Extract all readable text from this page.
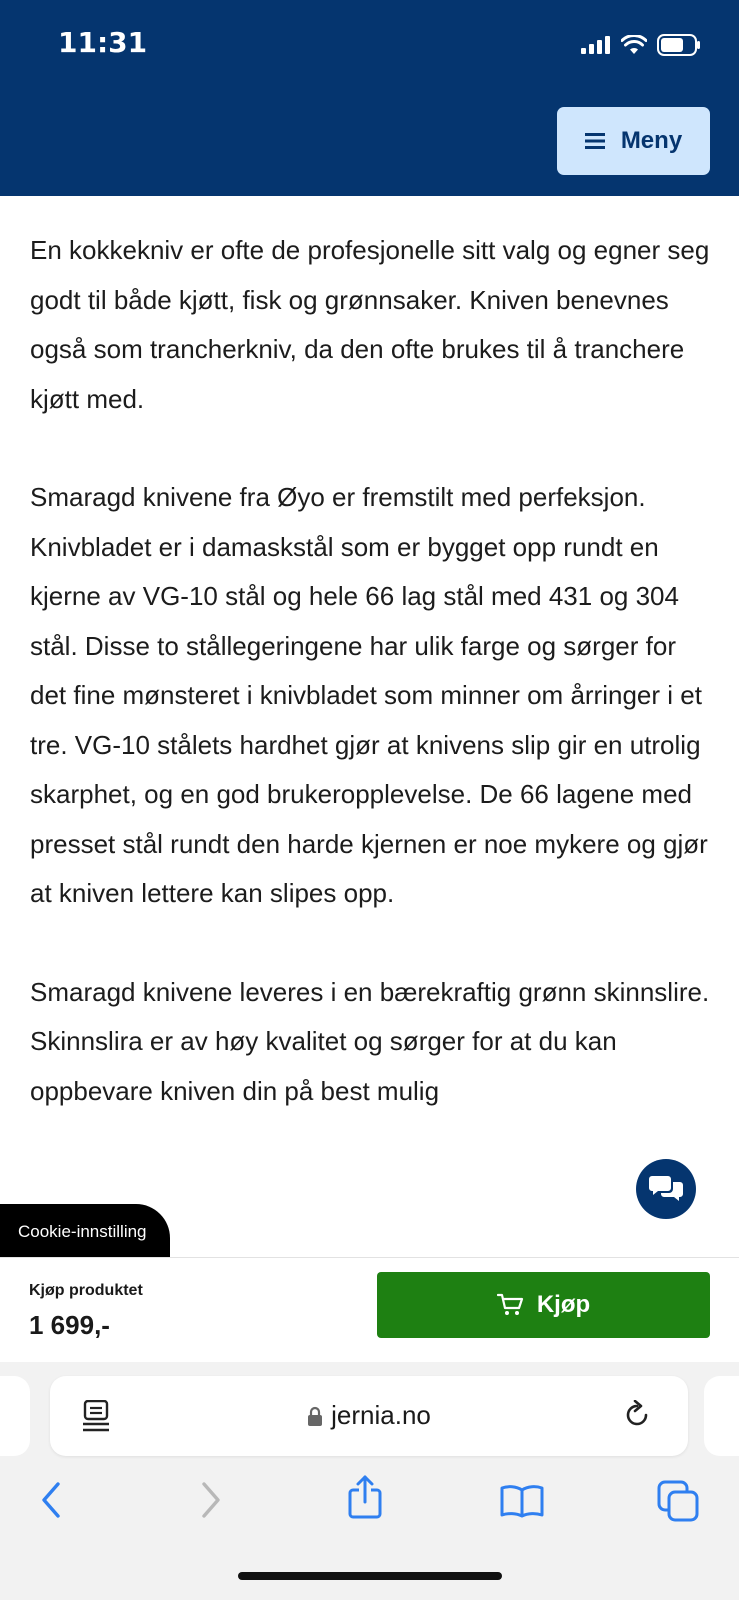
11:31
Meny

En kokkekniv er ofte de profesjonelle sitt valg og egner seg godt til både kjøtt, fisk og grønnsaker. Kniven benevnes også som trancherkniv, da den ofte brukes til å tranchere kjøtt med.

Smaragd knivene fra Øyo er fremstilt med perfeksjon.

Knivbladet er i damaskstål som er bygget opp rundt en kjerne av VG-10 stål og hele 66 lag stål med 431 og 304 stål. Disse to stållegeringene har ulik farge og sørger for det fine mønsteret i knivbladet som minner om årringer i et tre. VG-10 stålets hardhet gjør at knivens slip gir en utrolig skarphet, og en god brukeropplevelse. De 66 lagene med presset stål rundt den harde kjernen er noe mykere og gjør at kniven lettere kan slipes opp.

Smaragd knivene leveres i en bærekraftig grønn skinnslire. Skinnslira er av høy kvalitet og sørger for at du kan oppbevare kniven din på best mulig

Cookie-innstilling
Kjøp produktet
1 699,-
Kjøp
jernia.no
